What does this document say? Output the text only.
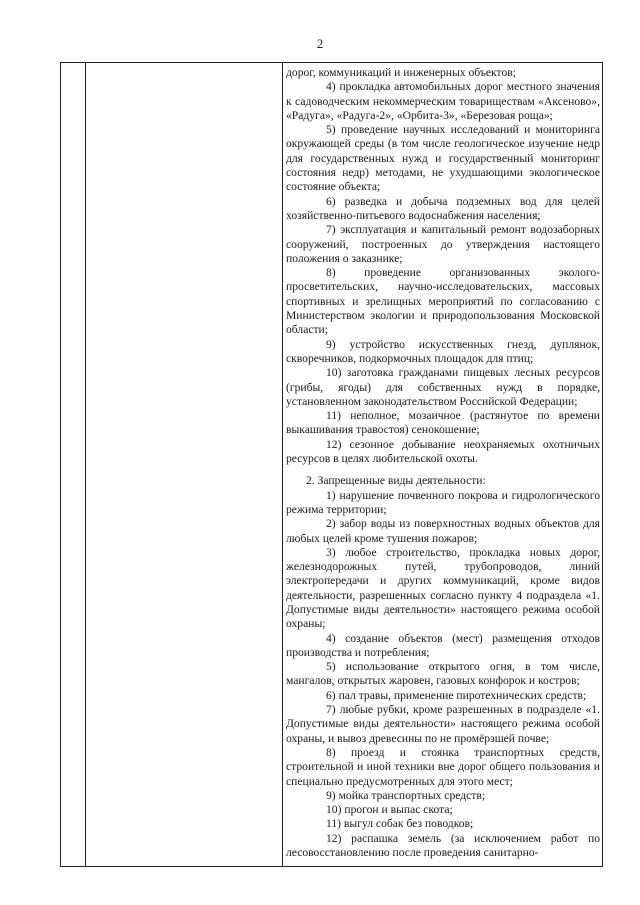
2

дорог, коммуникаций и инженерных объектов;

4) прокладка автомобильных дорог местного значения к садоводческим некоммерческим товариществам «Аксеново», «Радуга», «Радуга-2», «Орбита-3», «Березовая роща»;

5) проведение научных исследований и мониторинга окружающей среды (в том числе геологическое изучение недр для государственных нужд и государственный мониторинг состояния недр) методами, не ухудшающими экологическое состояние объекта;

6) разведка и добыча подземных вод для целей хозяйственно-питьевого водоснабжения населения;

7) эксплуатация и капитальный ремонт водозаборных сооружений, построенных до утверждения настоящего положения о заказнике;

8) проведение организованных эколого-просветительских, научно-исследовательских, массовых спортивных и зрелищных мероприятий по согласованию с Министерством экологии и природопользования Московской области;

9) устройство искусственных гнезд, дуплянок, скворечников, подкормочных площадок для птиц;

10) заготовка гражданами пищевых лесных ресурсов (грибы, ягоды) для собственных нужд в порядке, установленном законодательством Российской Федерации;

11) неполное, мозаичное (растянутое по времени выкашивания травостоя) сенокошение;

12) сезонное добывание неохраняемых охотничьих ресурсов в целях любительской охоты.

2. Запрещенные виды деятельности:

1) нарушение почвенного покрова и гидрологического режима территории;

2) забор воды из поверхностных водных объектов для любых целей кроме тушения пожаров;

3) любое строительство, прокладка новых дорог, железнодорожных путей, трубопроводов, линий электропередачи и других коммуникаций, кроме видов деятельности, разрешенных согласно пункту 4 подраздела «1. Допустимые виды деятельности» настоящего режима особой охраны;

4) создание объектов (мест) размещения отходов производства и потребления;

5) использование открытого огня, в том числе, мангалов, открытых жаровен, газовых конфорок и костров;

6) пал травы, применение пиротехнических средств;

7) любые рубки, кроме разрешенных в подразделе «1. Допустимые виды деятельности» настоящего режима особой охраны, и вывоз древесины по не промёрзшей почве;

8) проезд и стоянка транспортных средств, строительной и иной техники вне дорог общего пользования и специально предусмотренных для этого мест;

9) мойка транспортных средств;

10) прогон и выпас скота;

11) выгул собак без поводков;

12) распашка земель (за исключением работ по лесовосстановлению после проведения санитарно-
